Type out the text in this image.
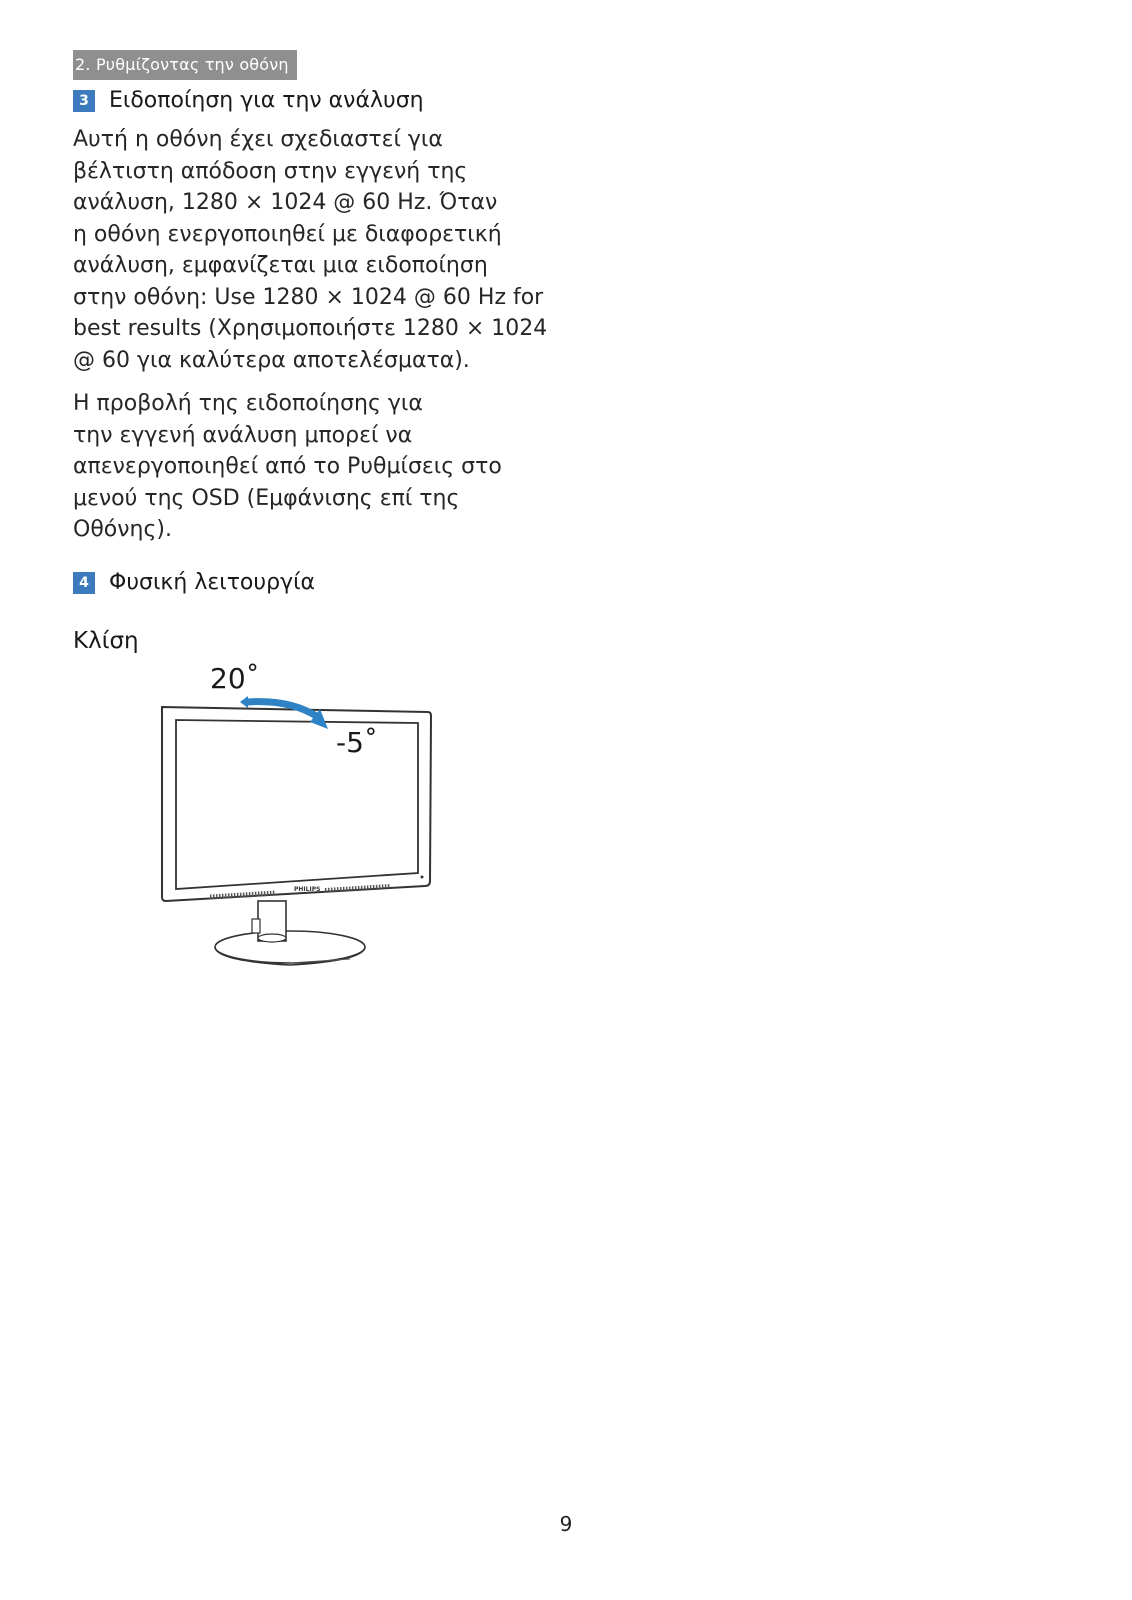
2. Ρυθμίζοντας την οθόνη
3 Ειδοποίηση για την ανάλυση

Αυτή η οθόνη έχει σχεδιαστεί για
βέλτιστη απόδοση στην εγγενή της
ανάλυση, 1280 × 1024 @ 60 Hz. Όταν
η οθόνη ενεργοποιηθεί με διαφορετική
ανάλυση, εμφανίζεται μια ειδοποίηση
στην οθόνη: Use 1280 × 1024 @ 60 Hz for
best results (Χρησιμοποιήστε 1280 × 1024
@ 60 για καλύτερα αποτελέσματα).

Η προβολή της ειδοποίησης για
την εγγενή ανάλυση μπορεί να
απενεργοποιηθεί από το Ρυθμίσεις στο
μενού της OSD (Εμφάνισης επί της
Οθόνης).

4 Φυσική λειτουργία
Κλίση
PHILIPS
20˚
-5˚
9
